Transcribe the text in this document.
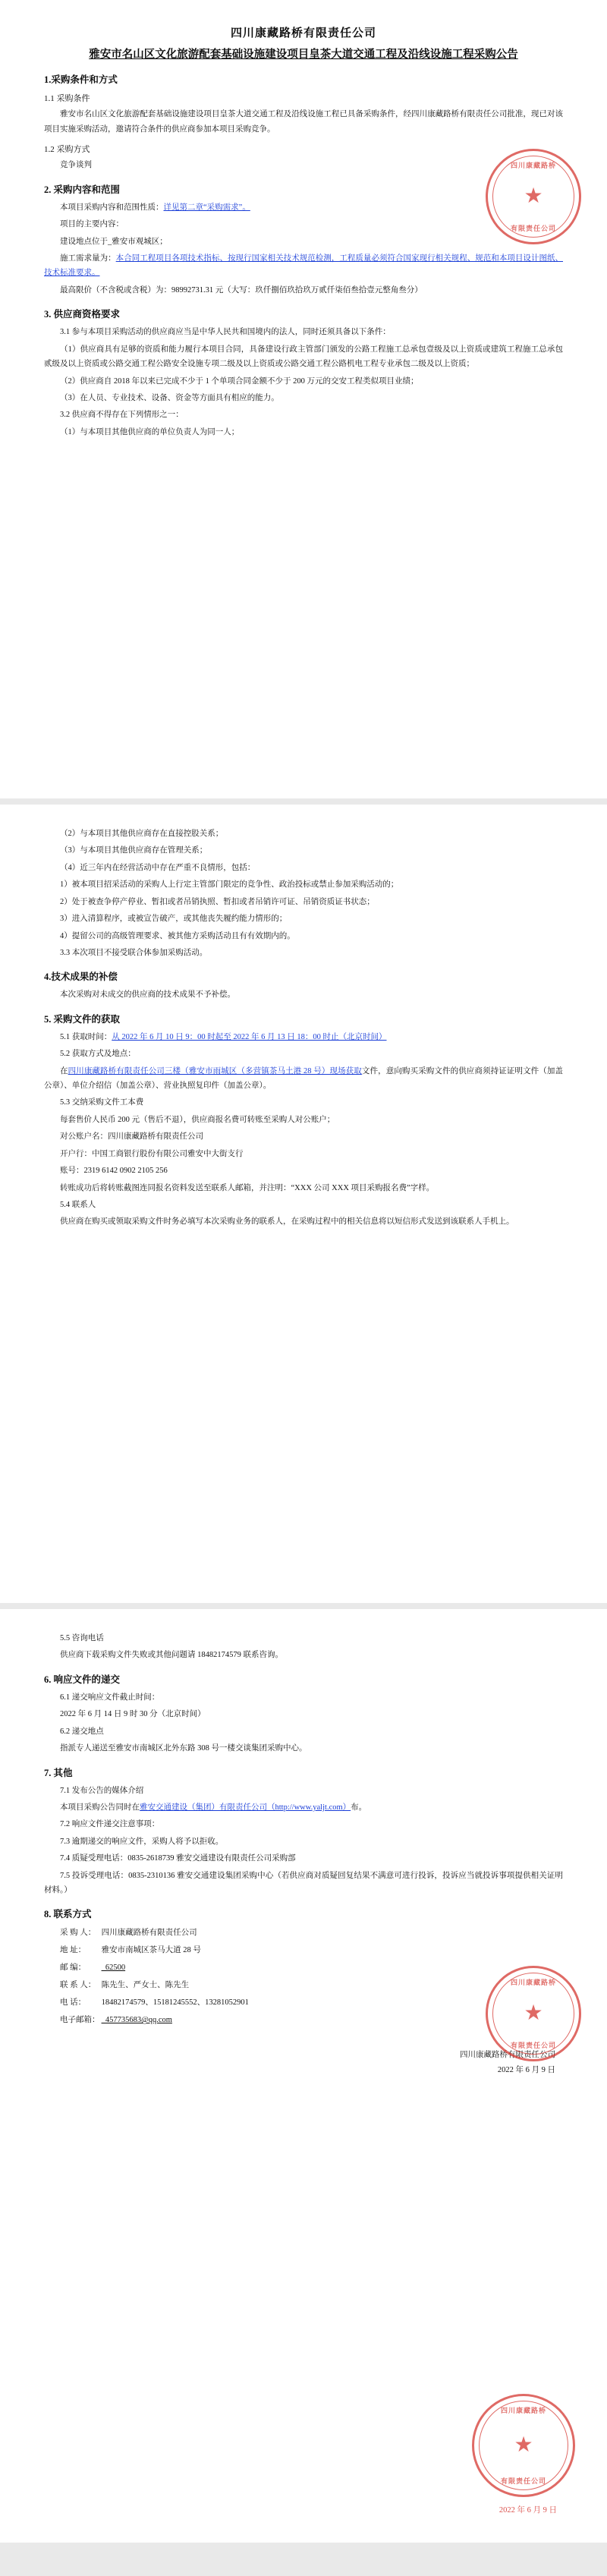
四川康藏路桥有限责任公司
雅安市名山区文化旅游配套基础设施建设项目皇茶大道交通工程及沿线设施工程采购公告
1.采购条件和方式
1.1 采购条件

雅安市名山区文化旅游配套基础设施建设项目皇茶大道交通工程及沿线设施工程已具备采购条件，经四川康藏路桥有限责任公司批准，现已对该项目实施采购活动，邀请符合条件的供应商参加本项目采购竞争。

1.2 采购方式

竞争谈判

2. 采购内容和范围

本项目采购内容和范围性质：详见第二章“采购需求”。

项目的主要内容：

建设地点位于_雅安市观城区；

施工需求量为：本合同工程项目各项技术指标、按现行国家相关技术规范检测，工程质量必须符合国家现行相关规程、规范和本项目设计图纸、技术标准要求。

最高限价（不含税或含税）为：98992731.31 元（大写：玖仟捌佰玖拾玖万贰仟柒佰叁拾壹元整角叁分）

3. 供应商资格要求

3.1 参与本项目采购活动的供应商应当是中华人民共和国境内的法人，同时还须具备以下条件：

（1）供应商具有足够的资质和能力履行本项目合同，具备建设行政主管部门颁发的公路工程施工总承包壹级及以上资质或建筑工程施工总承包贰级及以上资质或公路交通工程公路安全设施专项二级及以上资质或公路交通工程公路机电工程专业承包二级及以上资质；

（2）供应商自 2018 年以来已完成不少于 1 个单项合同金额不少于 200 万元的交安工程类似项目业绩；

（3）在人员、专业技术、设备、资金等方面具有相应的能力。

3.2 供应商不得存在下列情形之一：

（1）与本项目其他供应商的单位负责人为同一人；

四川康藏路桥
★
有限责任公司

（2）与本项目其他供应商存在直接控股关系；

（3）与本项目其他供应商存在管理关系；

（4）近三年内在经营活动中存在严重不良情形，包括：

1）被本项目招采活动的采购人上行定主管部门限定的竞争性、政治投标或禁止参加采购活动的；

2）处于被查争停产停业、暂扣或者吊销执照、暂扣或者吊销许可证、吊销资质证书状态；

3）进入清算程序，或被宣告破产，或其他丧失履约能力情形的；

4）提留公司的高级管理要求、被其他方采购活动且有有效期内的。

3.3 本次项目不接受联合体参加采购活动。

4.技术成果的补偿

本次采购对未成交的供应商的技术成果不予补偿。

5. 采购文件的获取

5.1 获取时间：从 2022 年 6 月 10 日 9：00 时起至 2022 年 6 月 13 日 18：00 时止（北京时间）

5.2 获取方式及地点：

在四川康藏路桥有限责任公司三楼（雅安市雨城区（多营镇茶马土港 28 号）现场获取文件，意向购买采购文件的供应商须持证证明文件（加盖公章）、单位介绍信（加盖公章）、营业执照复印件（加盖公章）。

5.3 交纳采购文件工本费

每套售价人民币 200 元（售后不退），供应商报名费可转账至采购人对公账户；

对公账户名：四川康藏路桥有限责任公司

开户行：中国工商银行股份有限公司雅安中大街支行

账号：2319 6142 0902 2105 256

转账成功后将转账截图连同报名资料发送至联系人邮箱，并注明：“XXX 公司 XXX 项目采购报名费”字样。

5.4 联系人

供应商在购买或领取采购文件时务必填写本次采购业务的联系人，在采购过程中的相关信息将以短信形式发送到该联系人手机上。

5.5 咨询电话

供应商下载采购文件失败或其他问题请 18482174579 联系咨询。

6. 响应文件的递交

6.1 递交响应文件截止时间：

2022 年 6 月 14 日 9 时 30 分（北京时间）

6.2 递交地点

指派专人递送至雅安市南城区北外东路 308 号一楼交谈集团采购中心。

7. 其他

7.1 发布公告的媒体介绍

本项目采购公告同时在雅安交通建设（集团）有限责任公司（http://www.yaljt.com）布。

7.2 响应文件递交注意事项：

7.3 逾期递交的响应文件，采购人将予以拒收。

7.4 质疑受理电话：0835-2618739 雅安交通建设有限责任公司采购部

7.5 投诉受理电话：0835-2310136 雅安交通建设集团采购中心（若供应商对质疑回复结果不满意可进行投诉，投诉应当就投诉事项提供相关证明材料。）

8. 联系方式

采 购 人： 四川康藏路桥有限责任公司

地 址： 雅安市南城区茶马大道 28 号

邮 编： _62500

联 系 人： 陈先生、严女士、陈先生

电 话： 18482174579、15181245552、13281052901

电子邮箱： _457735683@qq.com

四川康藏路桥有限责任公司
2022 年 6 月 9 日
四川康藏路桥
★
有限责任公司
四川康藏路桥
★
有限责任公司
2022 年 6 月 9 日
